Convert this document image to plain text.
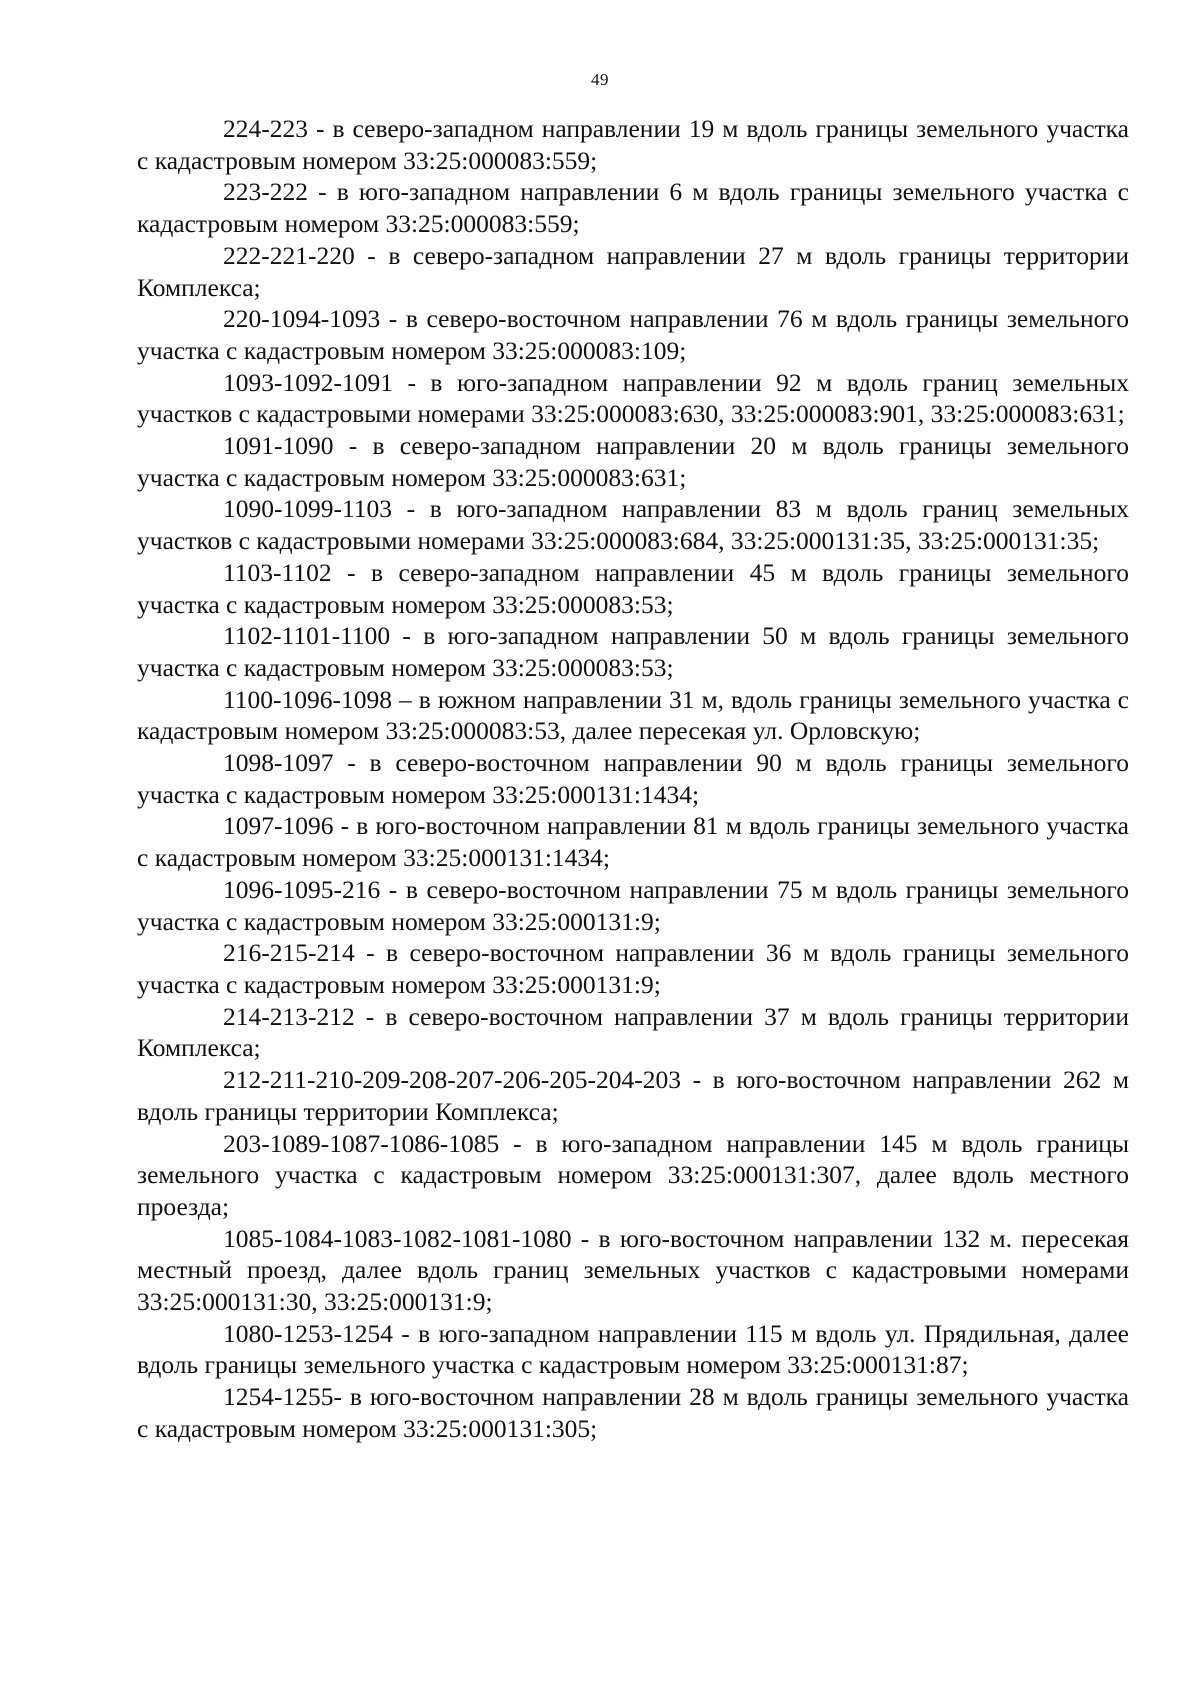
49

224-223 - в северо-западном направлении 19 м вдоль границы земельного участка с кадастровым номером 33:25:000083:559;

223-222 - в юго-западном направлении 6 м вдоль границы земельного участка с кадастровым номером 33:25:000083:559;

222-221-220 - в северо-западном направлении 27 м вдоль границы территории Комплекса;

220-1094-1093 - в северо-восточном направлении 76 м вдоль границы земельного участка с кадастровым номером 33:25:000083:109;

1093-1092-1091 - в юго-западном направлении 92 м вдоль границ земельных участков с кадастровыми номерами 33:25:000083:630, 33:25:000083:901, 33:25:000083:631;

1091-1090 - в северо-западном направлении 20 м вдоль границы земельного участка с кадастровым номером 33:25:000083:631;

1090-1099-1103 - в юго-западном направлении 83 м вдоль границ земельных участков с кадастровыми номерами 33:25:000083:684, 33:25:000131:35, 33:25:000131:35;

1103-1102 - в северо-западном направлении 45 м вдоль границы земельного участка с кадастровым номером 33:25:000083:53;

1102-1101-1100 - в юго-западном направлении 50 м вдоль границы земельного участка с кадастровым номером 33:25:000083:53;

1100-1096-1098 – в южном направлении 31 м, вдоль границы земельного участка с кадастровым номером 33:25:000083:53, далее пересекая ул. Орловскую;

1098-1097 - в северо-восточном направлении 90 м вдоль границы земельного участка с кадастровым номером 33:25:000131:1434;

1097-1096 - в юго-восточном направлении 81 м вдоль границы земельного участка с кадастровым номером 33:25:000131:1434;

1096-1095-216 - в северо-восточном направлении 75 м вдоль границы земельного участка с кадастровым номером 33:25:000131:9;

216-215-214 - в северо-восточном направлении 36 м вдоль границы земельного участка с кадастровым номером 33:25:000131:9;

214-213-212 - в северо-восточном направлении 37 м вдоль границы территории Комплекса;

212-211-210-209-208-207-206-205-204-203 - в юго-восточном направлении 262 м вдоль границы территории Комплекса;

203-1089-1087-1086-1085 - в юго-западном направлении 145 м вдоль границы земельного участка с кадастровым номером 33:25:000131:307, далее вдоль местного проезда;

1085-1084-1083-1082-1081-1080 - в юго-восточном направлении 132 м. пересекая местный проезд, далее вдоль границ земельных участков с кадастровыми номерами 33:25:000131:30, 33:25:000131:9;

1080-1253-1254 - в юго-западном направлении 115 м вдоль ул. Прядильная, далее вдоль границы земельного участка с кадастровым номером 33:25:000131:87;

1254-1255- в юго-восточном направлении 28 м вдоль границы земельного участка с кадастровым номером 33:25:000131:305;
